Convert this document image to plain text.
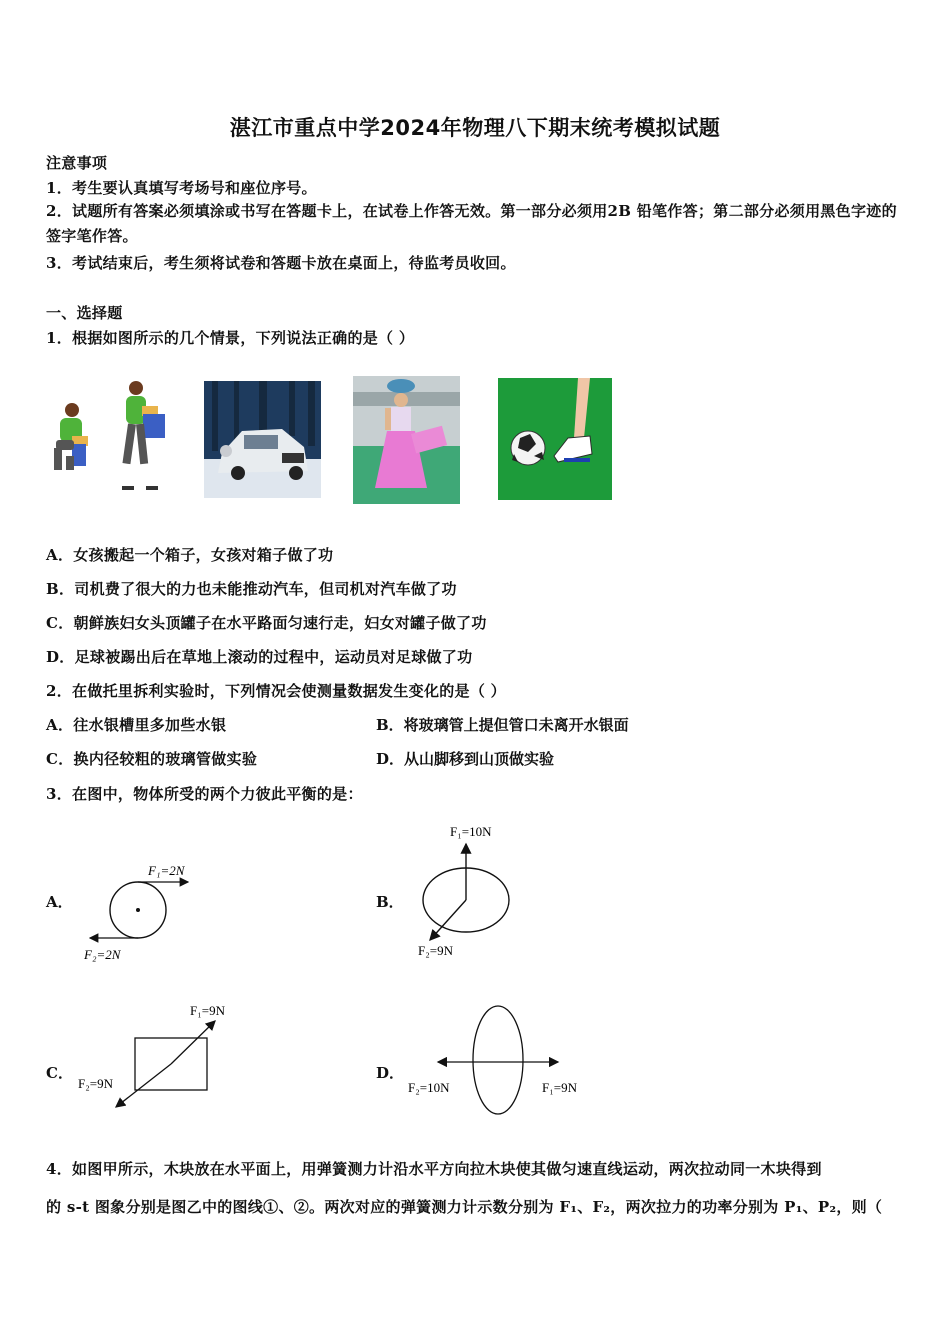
湛江市重点中学2024年物理八下期末统考模拟试题
注意事项
1．考生要认真填写考场号和座位序号。
2．试题所有答案必须填涂或书写在答题卡上，在试卷上作答无效。第一部分必须用2B 铅笔作答；第二部分必须用黑色字迹的签字笔作答。
3．考试结束后，考生须将试卷和答题卡放在桌面上，待监考员收回。
一、选择题
1．根据如图所示的几个情景，下列说法正确的是（ ）
A．女孩搬起一个箱子，女孩对箱子做了功
B．司机费了很大的力也未能推动汽车，但司机对汽车做了功
C．朝鲜族妇女头顶罐子在水平路面匀速行走，妇女对罐子做了功
D．足球被踢出后在草地上滚动的过程中，运动员对足球做了功
2．在做托里拆利实验时，下列情况会使测量数据发生变化的是（ ）
A．往水银槽里多加些水银	B．将玻璃管上提但管口未离开水银面
C．换内径较粗的玻璃管做实验	D．从山脚移到山顶做实验
3．在图中，物体所受的两个力彼此平衡的是：
A．	B．
C．	D．
F₁=2N
F₂=2N
F₁=10N
F₂=9N
F₁=9N
F₂=9N	F₁=9N
F₂=10N
4．如图甲所示，木块放在水平面上，用弹簧测力计沿水平方向拉木块使其做匀速直线运动，两次拉动同一木块得到
的 s-t 图象分别是图乙中的图线①、②。两次对应的弹簧测力计示数分别为 F₁、F₂，两次拉力的功率分别为 P₁、P₂，则（
